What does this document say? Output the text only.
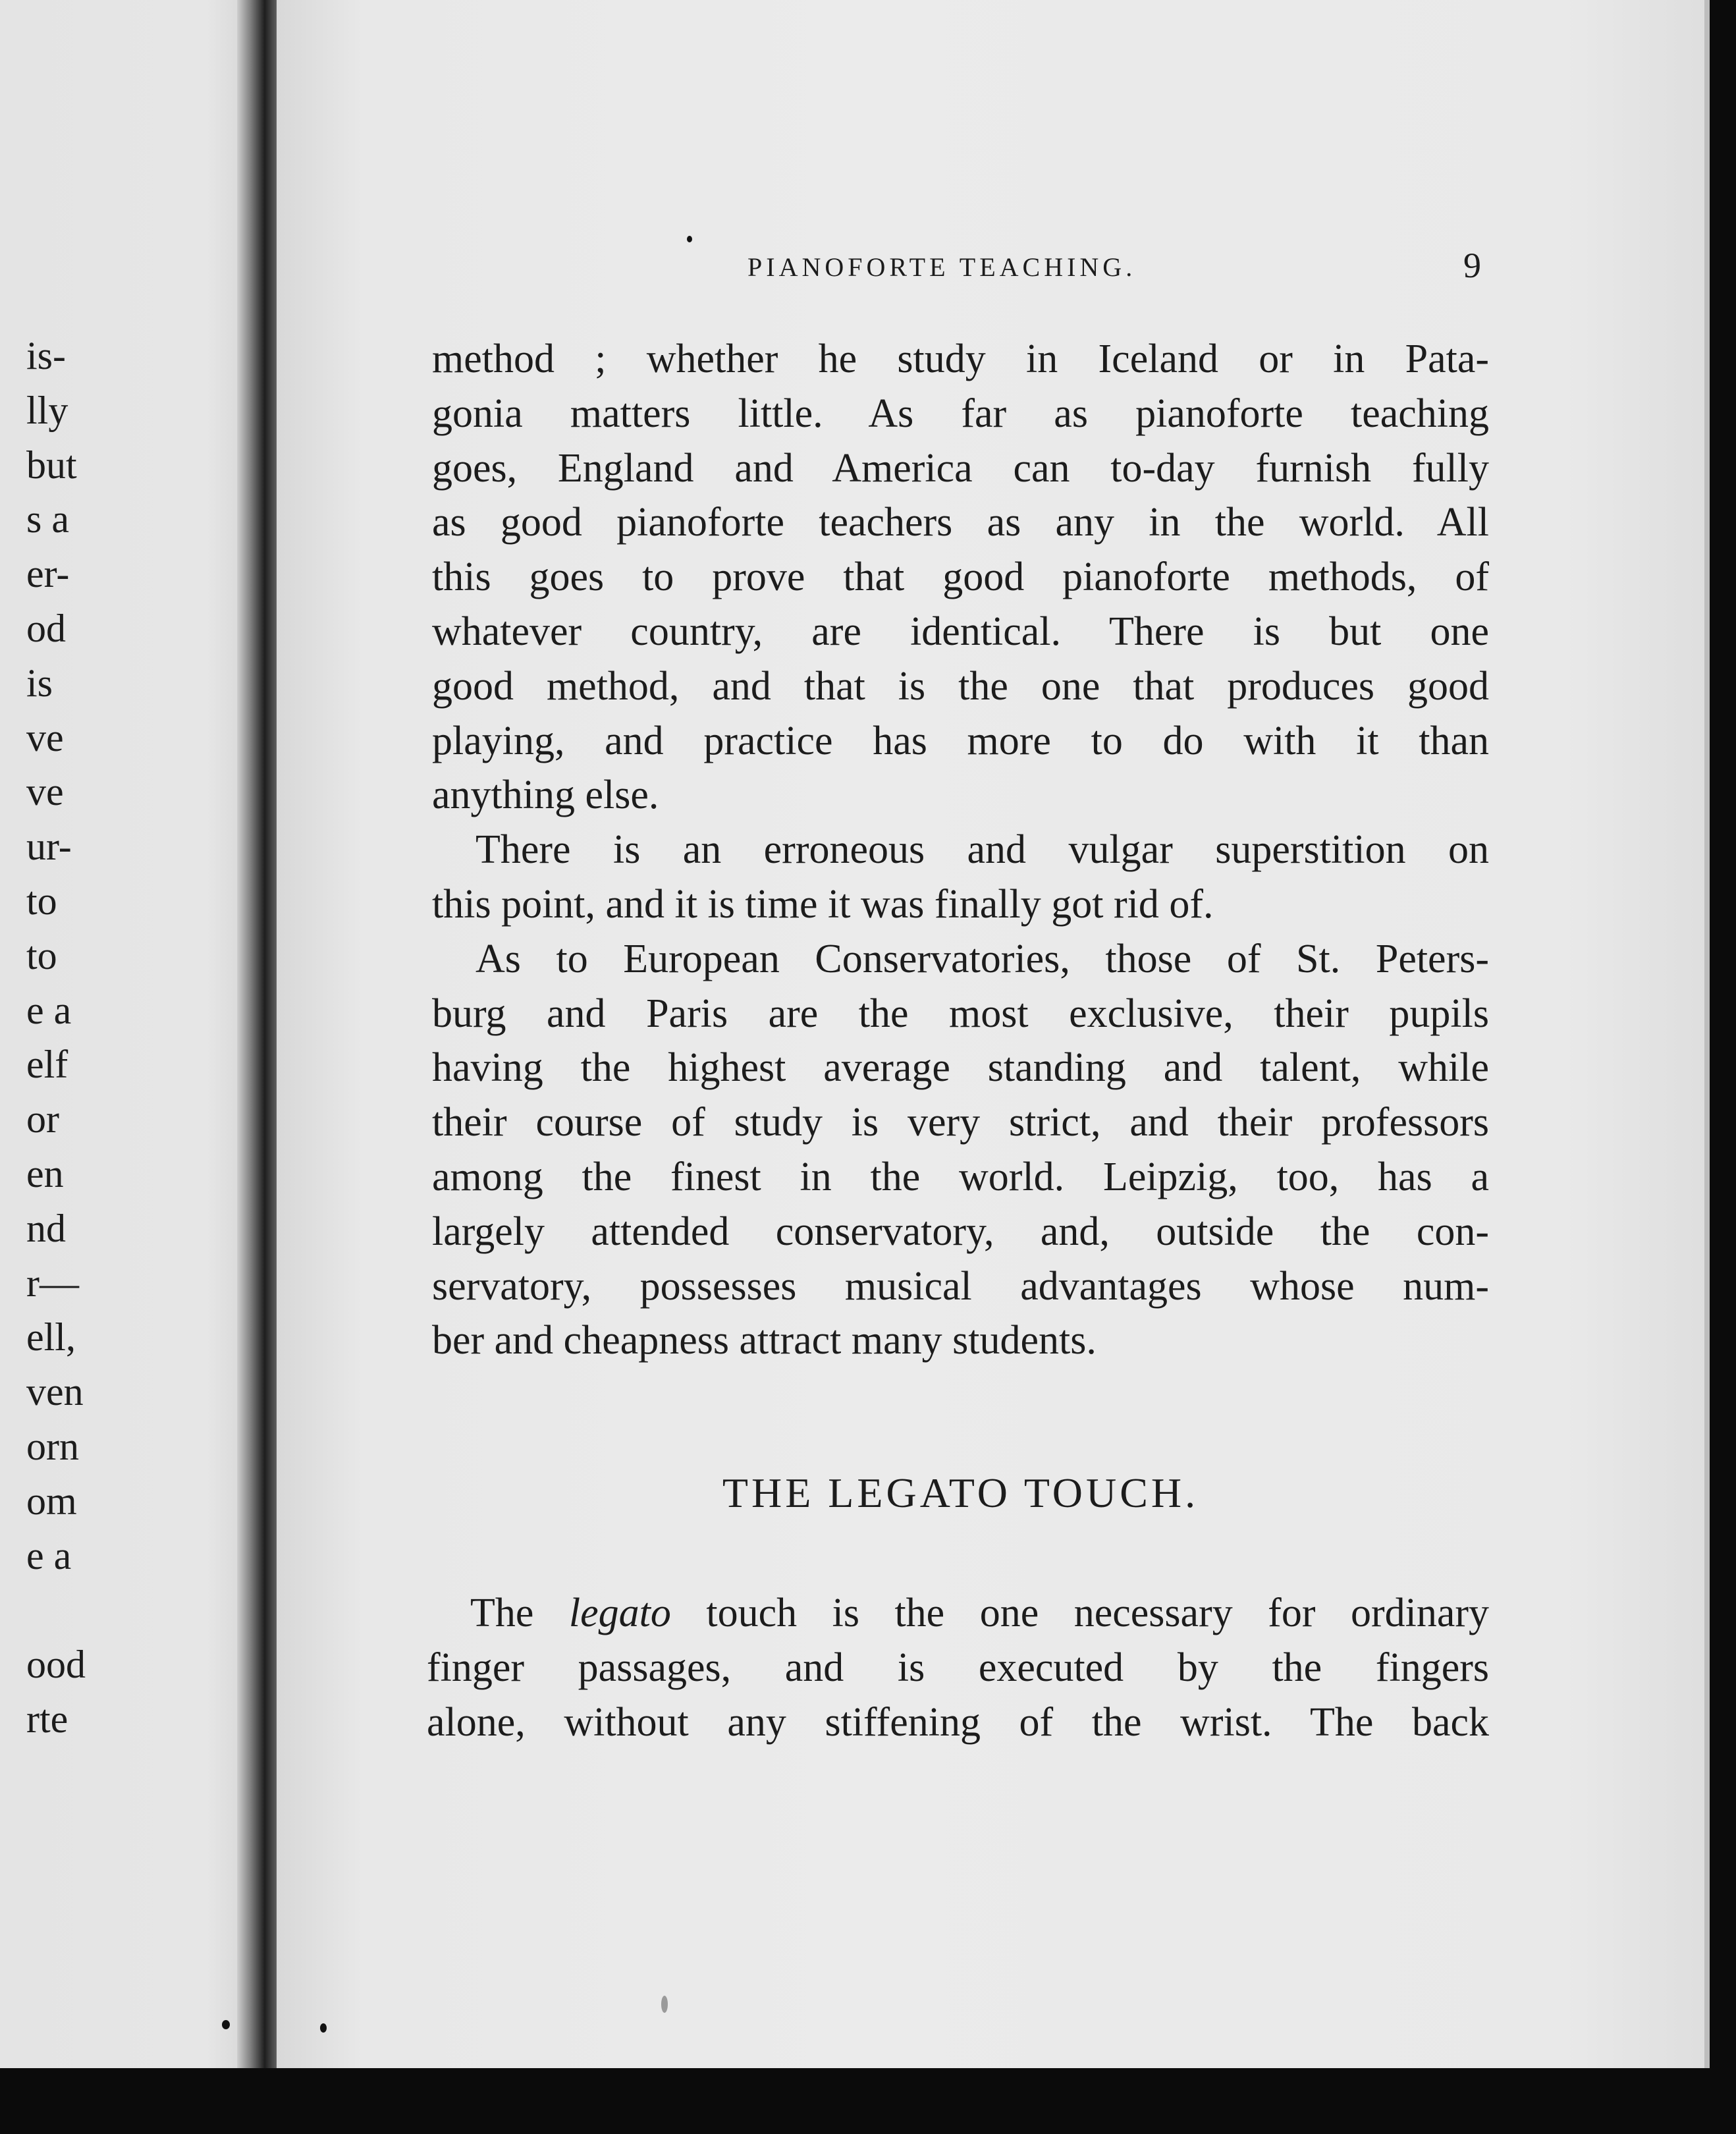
is-
lly
but
s a
er-
od
is
ve
ve
ur-
to
to
e a
elf
or
en
nd
r—
ell,
ven
orn
om
e a
ood
rte
PIANOFORTE TEACHING.	9
method ; whether he study in Iceland or in Pata-
gonia matters little. As far as pianoforte teaching
goes, England and America can to-day furnish fully
as good pianoforte teachers as any in the world. All
this goes to prove that good pianoforte methods, of
whatever country, are identical. There is but one
good method, and that is the one that produces good
playing, and practice has more to do with it than
anything else.
There is an erroneous and vulgar superstition on
this point, and it is time it was finally got rid of.
As to European Conservatories, those of St. Peters-
burg and Paris are the most exclusive, their pupils
having the highest average standing and talent, while
their course of study is very strict, and their professors
among the finest in the world. Leipzig, too, has a
largely attended conservatory, and, outside the con-
servatory, possesses musical advantages whose num-
ber and cheapness attract many students.
THE LEGATO TOUCH.
The legato touch is the one necessary for ordinary
finger passages, and is executed by the fingers
alone, without any stiffening of the wrist. The back
